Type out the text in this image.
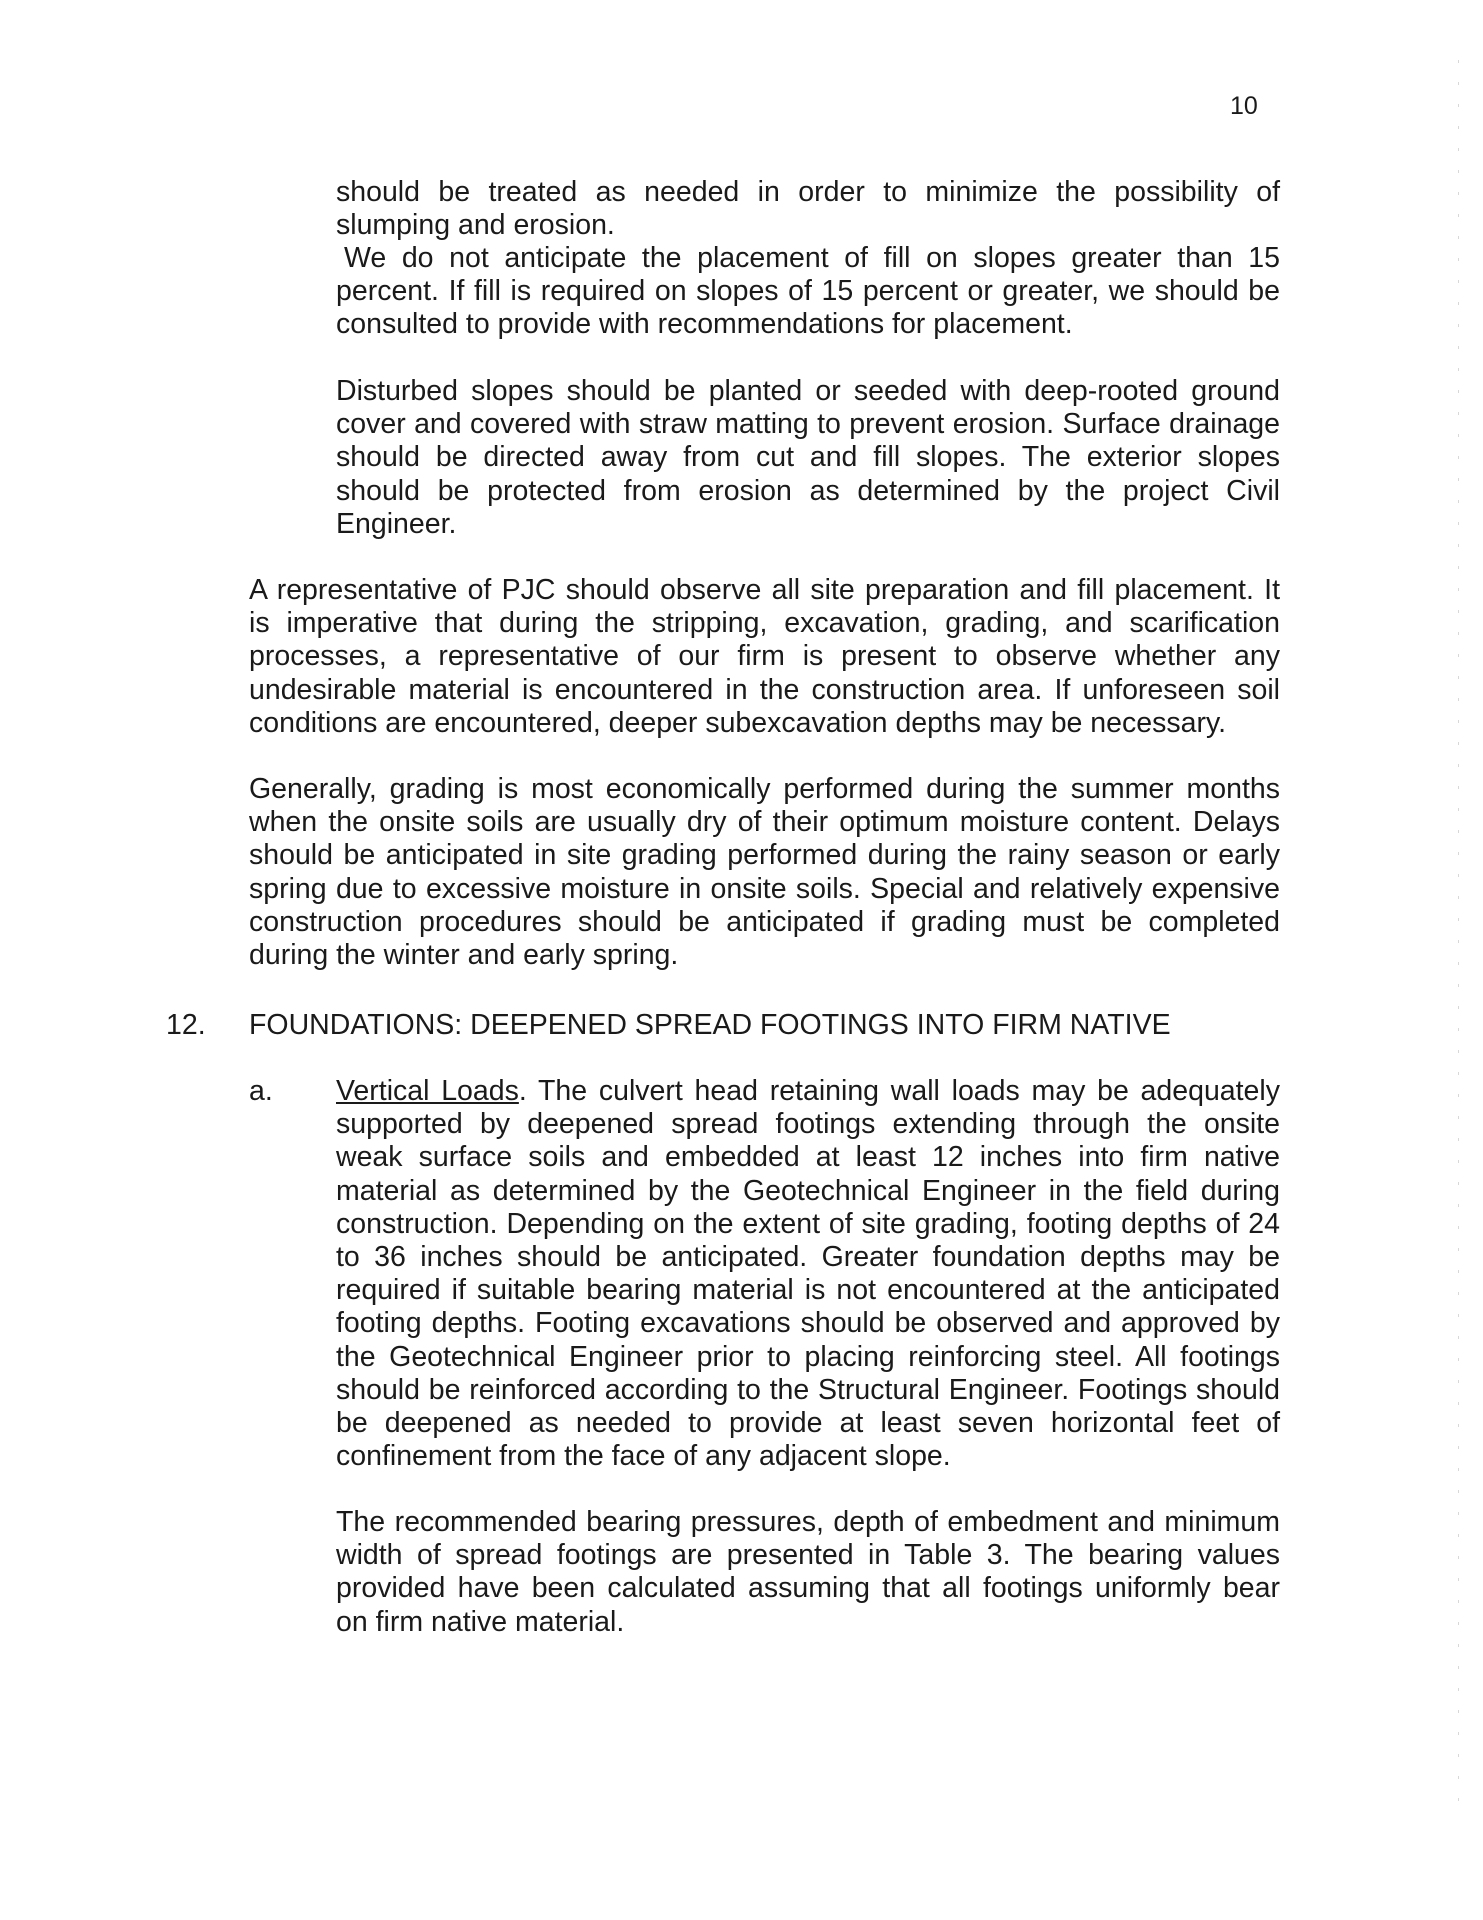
10

should be treated as needed in order to minimize the possibility of slumping and erosion.

We do not anticipate the placement of fill on slopes greater than 15 percent. If fill is required on slopes of 15 percent or greater, we should be consulted to provide with recommendations for placement.

Disturbed slopes should be planted or seeded with deep-rooted ground cover and covered with straw matting to prevent erosion. Surface drainage should be directed away from cut and fill slopes. The exterior slopes should be protected from erosion as determined by the project Civil Engineer.

A representative of PJC should observe all site preparation and fill placement. It is imperative that during the stripping, excavation, grading, and scarification processes, a representative of our firm is present to observe whether any undesirable material is encountered in the construction area. If unforeseen soil conditions are encountered, deeper subexcavation depths may be necessary.

Generally, grading is most economically performed during the summer months when the onsite soils are usually dry of their optimum moisture content. Delays should be anticipated in site grading performed during the rainy season or early spring due to excessive moisture in onsite soils. Special and relatively expensive construction procedures should be anticipated if grading must be completed during the winter and early spring.

12. FOUNDATIONS: DEEPENED SPREAD FOOTINGS INTO FIRM NATIVE
a. Vertical Loads. The culvert head retaining wall loads may be adequately supported by deepened spread footings extending through the onsite weak surface soils and embedded at least 12 inches into firm native material as determined by the Geotechnical Engineer in the field during construction. Depending on the extent of site grading, footing depths of 24 to 36 inches should be anticipated. Greater foundation depths may be required if suitable bearing material is not encountered at the anticipated footing depths. Footing excavations should be observed and approved by the Geotechnical Engineer prior to placing reinforcing steel. All footings should be reinforced according to the Structural Engineer. Footings should be deepened as needed to provide at least seven horizontal feet of confinement from the face of any adjacent slope.

The recommended bearing pressures, depth of embedment and minimum width of spread footings are presented in Table 3. The bearing values provided have been calculated assuming that all footings uniformly bear on firm native material.
